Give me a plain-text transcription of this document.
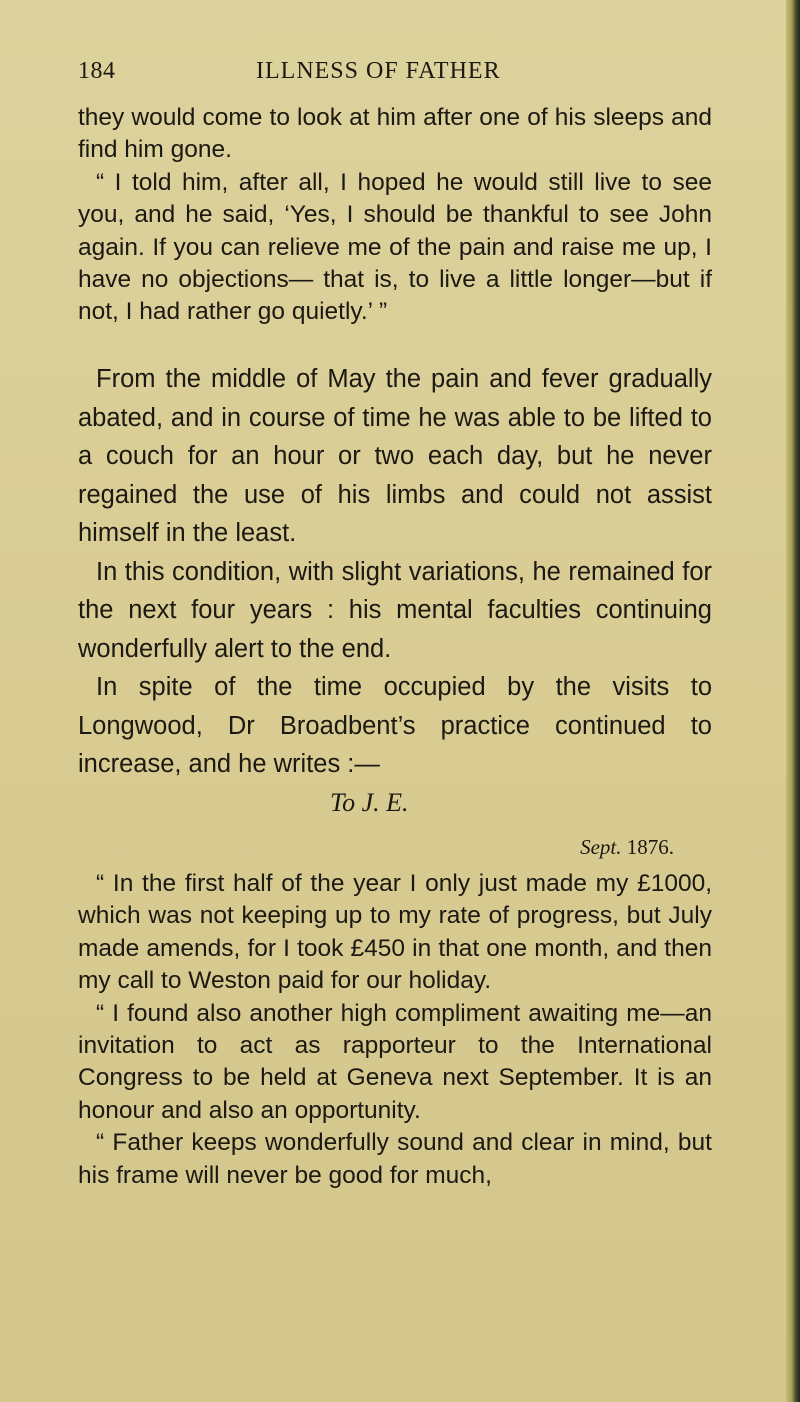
184	ILLNESS OF FATHER

they would come to look at him after one of his sleeps and find him gone.

“ I told him, after all, I hoped he would still live to see you, and he said, ‘Yes, I should be thankful to see John again. If you can relieve me of the pain and raise me up, I have no objections— that is, to live a little longer—but if not, I had rather go quietly.’ ”

From the middle of May the pain and fever gradually abated, and in course of time he was able to be lifted to a couch for an hour or two each day, but he never regained the use of his limbs and could not assist himself in the least.

In this condition, with slight variations, he remained for the next four years : his mental faculties continuing wonderfully alert to the end.

In spite of the time occupied by the visits to Longwood, Dr Broadbent’s practice continued to increase, and he writes :—

To J. E.
Sept. 1876.

“ In the first half of the year I only just made my £1000, which was not keeping up to my rate of progress, but July made amends, for I took £450 in that one month, and then my call to Weston paid for our holiday.

“ I found also another high compliment awaiting me—an invitation to act as rapporteur to the International Congress to be held at Geneva next September. It is an honour and also an opportunity.

“ Father keeps wonderfully sound and clear in mind, but his frame will never be good for much,
